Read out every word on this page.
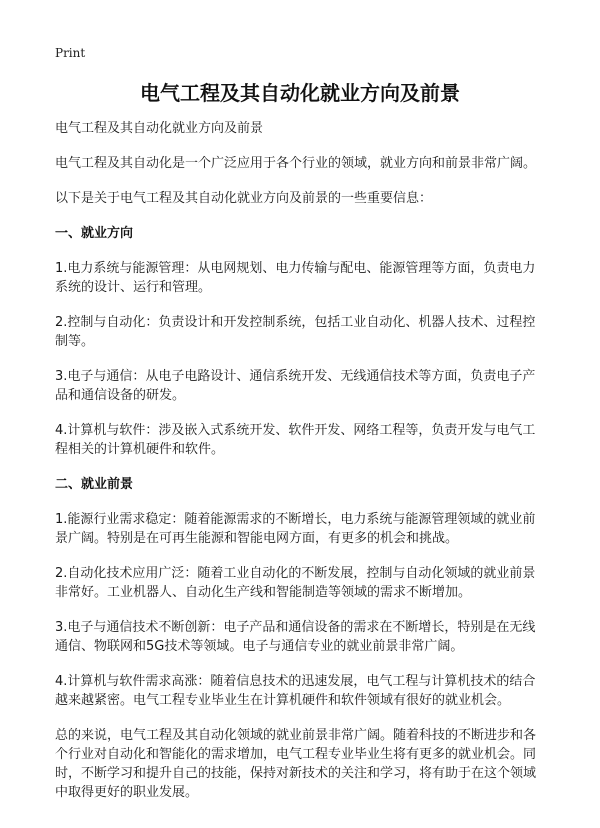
Print
电气工程及其自动化就业方向及前景

电气工程及其自动化就业方向及前景

电气工程及其自动化是一个广泛应用于各个行业的领域，就业方向和前景非常广阔。

以下是关于电气工程及其自动化就业方向及前景的一些重要信息：

一、就业方向

1.电力系统与能源管理：从电网规划、电力传输与配电、能源管理等方面，负责电力系统的设计、运行和管理。

2.控制与自动化：负责设计和开发控制系统，包括工业自动化、机器人技术、过程控制等。

3.电子与通信：从电子电路设计、通信系统开发、无线通信技术等方面，负责电子产品和通信设备的研发。

4.计算机与软件：涉及嵌入式系统开发、软件开发、网络工程等，负责开发与电气工程相关的计算机硬件和软件。

二、就业前景

1.能源行业需求稳定：随着能源需求的不断增长，电力系统与能源管理领域的就业前景广阔。特别是在可再生能源和智能电网方面，有更多的机会和挑战。

2.自动化技术应用广泛：随着工业自动化的不断发展，控制与自动化领域的就业前景非常好。工业机器人、自动化生产线和智能制造等领域的需求不断增加。

3.电子与通信技术不断创新：电子产品和通信设备的需求在不断增长，特别是在无线通信、物联网和5G技术等领域。电子与通信专业的就业前景非常广阔。

4.计算机与软件需求高涨：随着信息技术的迅速发展，电气工程与计算机技术的结合越来越紧密。电气工程专业毕业生在计算机硬件和软件领域有很好的就业机会。

总的来说，电气工程及其自动化领域的就业前景非常广阔。随着科技的不断进步和各个行业对自动化和智能化的需求增加，电气工程专业毕业生将有更多的就业机会。同时，不断学习和提升自己的技能，保持对新技术的关注和学习，将有助于在这个领域中取得更好的职业发展。
